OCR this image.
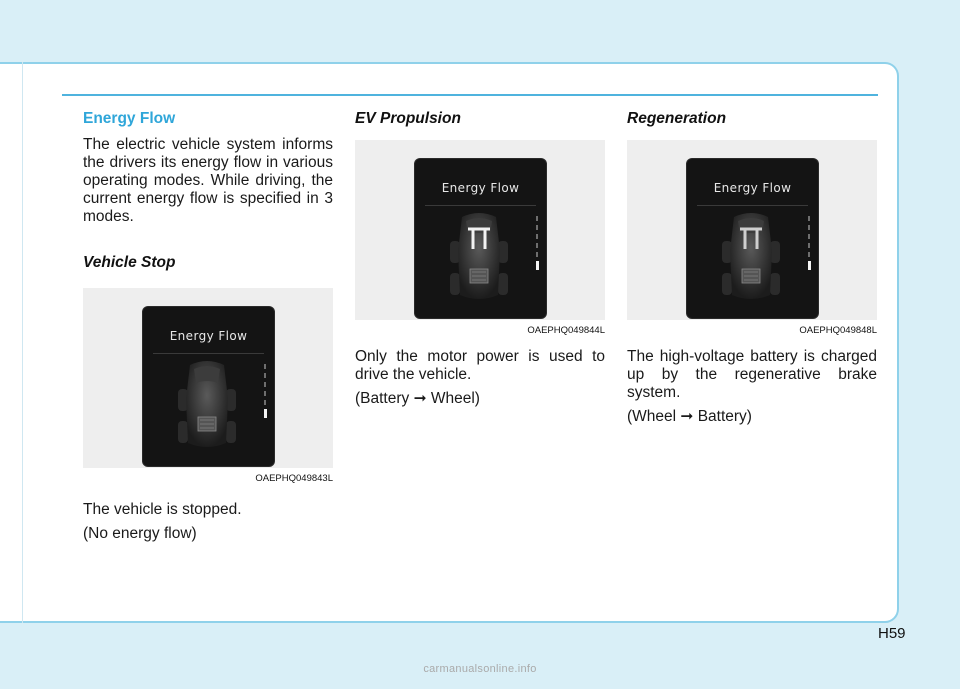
Energy Flow

The electric vehicle system informs the drivers its energy flow in various operating modes. While driving, the current energy flow is specified in 3 modes.

Vehicle Stop
Energy Flow
OAEPHQ049843L

The vehicle is stopped.

(No energy flow)

EV Propulsion
Energy Flow
OAEPHQ049844L

Only the motor power is used to drive the vehicle.

(Battery ➞ Wheel)

Regeneration
Energy Flow
OAEPHQ049848L

The high-voltage battery is charged up by the regenerative brake system.

(Wheel ➞ Battery)

H59
carmanualsonline.info
